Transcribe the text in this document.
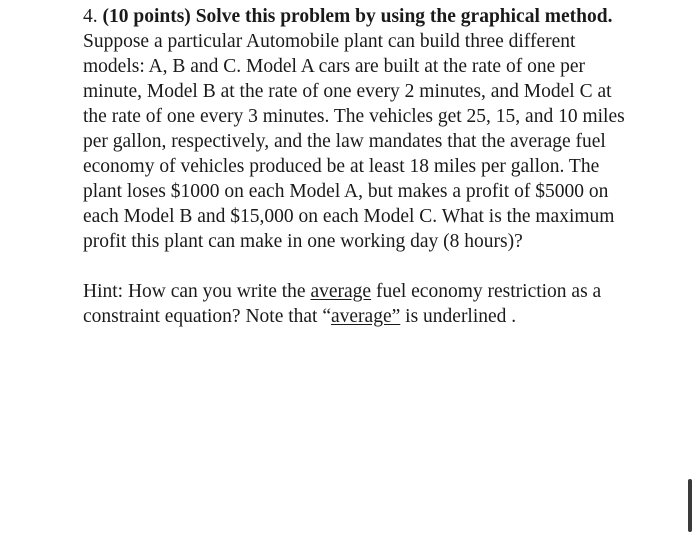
4. (10 points) Solve this problem by using the graphical method.

Suppose a particular Automobile plant can build three different models: A, B and C. Model A cars are built at the rate of one per minute, Model B at the rate of one every 2 minutes, and Model C at the rate of one every 3 minutes. The vehicles get 25, 15, and 10 miles per gallon, respectively, and the law mandates that the average fuel economy of vehicles produced be at least 18 miles per gallon. The plant loses $1000 on each Model A, but makes a profit of $5000 on each Model B and $15,000 on each Model C. What is the maximum profit this plant can make in one working day (8 hours)?

Hint: How can you write the average fuel economy restriction as a constraint equation? Note that “average” is underlined .
